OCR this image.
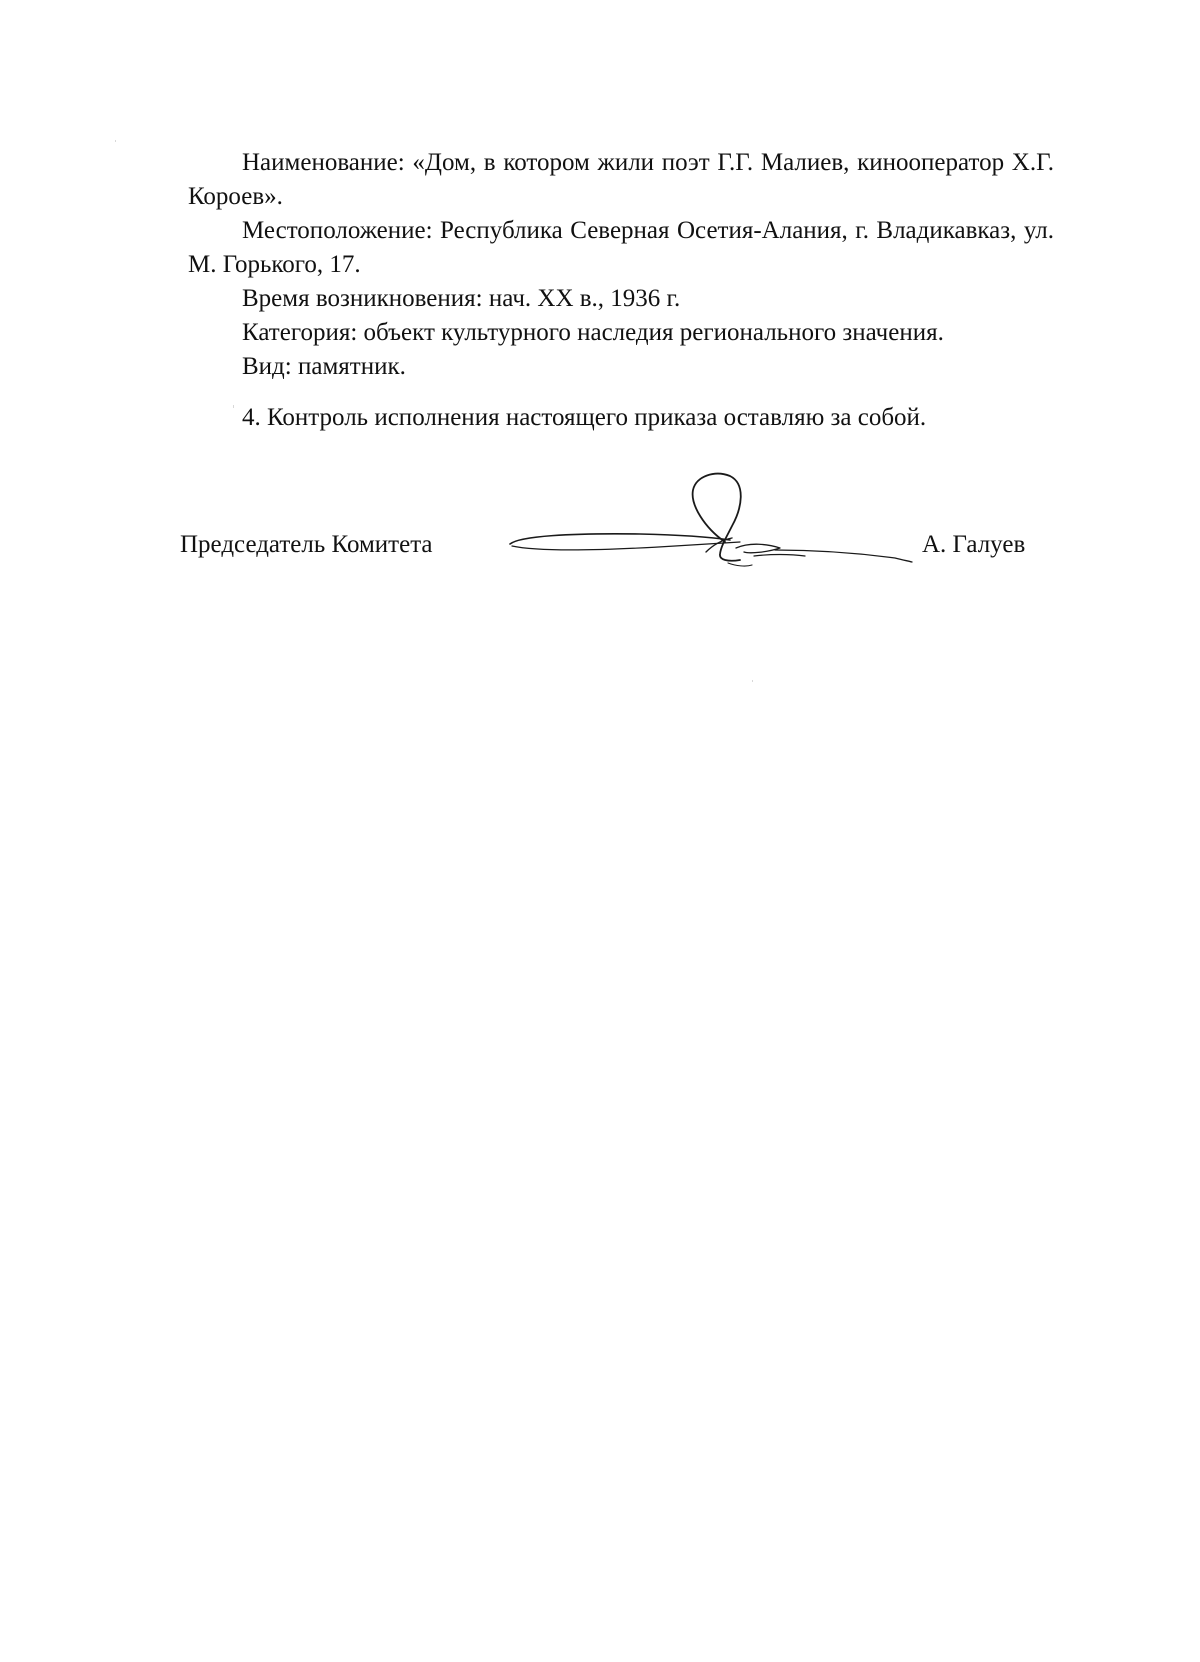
Наименование: «Дом, в котором жили поэт Г.Г. Малиев, кинооператор Х.Г. Короев».

Местоположение: Республика Северная Осетия-Алания, г. Владикавказ, ул. М. Горького, 17.

Время возникновения: нач. ХХ в., 1936 г.

Категория: объект культурного наследия регионального значения.

Вид: памятник.

4. Контроль исполнения настоящего приказа оставляю за собой.

Председатель Комитета	А. Галуев
